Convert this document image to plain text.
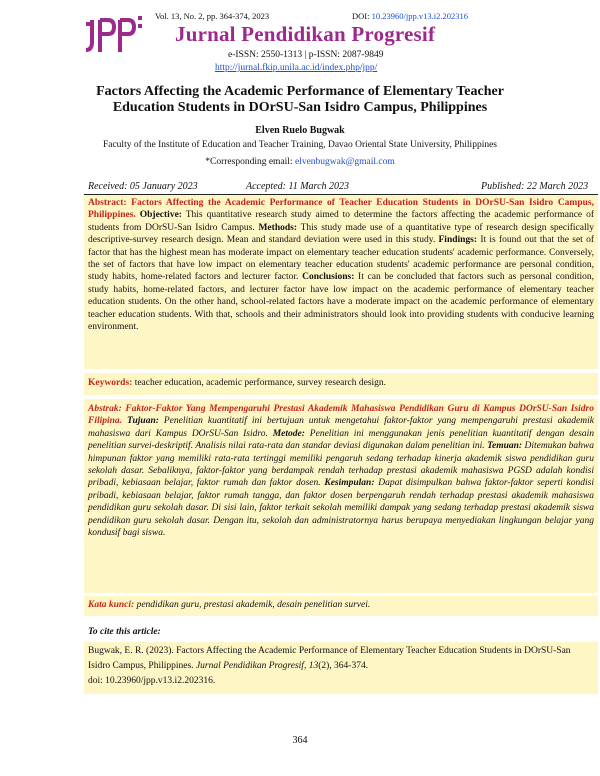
Vol. 13, No. 2, pp. 364-374, 2023	DOI: 10.23960/jpp.v13.i2.202316
Jurnal Pendidikan Progresif
e-ISSN: 2550-1313 | p-ISSN: 2087-9849
http://jurnal.fkip.unila.ac.id/index.php/jpp/
Factors Affecting the Academic Performance of Elementary Teacher
Education Students in DOrSU-San Isidro Campus, Philippines
Elven Ruelo Bugwak
Faculty of the Institute of Education and Teacher Training, Davao Oriental State University, Philippines
*Corresponding email: elvenbugwak@gmail.com
Received: 05 January 2023	Accepted: 11 March 2023	Published: 22 March 2023

Abstract: Factors Affecting the Academic Performance of Teacher Education Students in DOrSU-San Isidro Campus, Philippines. Objective: This quantitative research study aimed to determine the factors affecting the academic performance of students from DOrSU-San Isidro Campus. Methods: This study made use of a quantitative type of research design specifically descriptive-survey research design. Mean and standard deviation were used in this study. Findings: It is found out that the set of factor that has the highest mean has moderate impact on elementary teacher education students' academic performance. Conversely, the set of factors that have low impact on elementary teacher education students' academic performance are personal condition, study habits, home-related factors and lecturer factor. Conclusions: It can be concluded that factors such as personal condition, study habits, home-related factors, and lecturer factor have low impact on the academic performance of elementary teacher education students. On the other hand, school-related factors have a moderate impact on the academic performance of elementary teacher education students. With that, schools and their administrators should look into providing students with conducive learning environment.

Keywords: teacher education, academic performance, survey research design.

Abstrak: Faktor-Faktor Yang Mempengaruhi Prestasi Akademik Mahasiswa Pendidikan Guru di Kampus DOrSU-San Isidro Filipina. Tujuan: Penelitian kuantitatif ini bertujuan untuk mengetahui faktor-faktor yang mempengaruhi prestasi akademik mahasiswa dari Kampus DOrSU-San Isidro. Metode: Penelitian ini menggunakan jenis penelitian kuantitatif dengan desain penelitian survei-deskriptif. Analisis nilai rata-rata dan standar deviasi digunakan dalam penelitian ini. Temuan: Ditemukan bahwa himpunan faktor yang memiliki rata-rata tertinggi memiliki pengaruh sedang terhadap kinerja akademik siswa pendidikan guru sekolah dasar. Sebaliknya, faktor-faktor yang berdampak rendah terhadap prestasi akademik mahasiswa PGSD adalah kondisi pribadi, kebiasaan belajar, faktor rumah dan faktor dosen. Kesimpulan: Dapat disimpulkan bahwa faktor-faktor seperti kondisi pribadi, kebiasaan belajar, faktor rumah tangga, dan faktor dosen berpengaruh rendah terhadap prestasi akademik mahasiswa pendidikan guru sekolah dasar. Di sisi lain, faktor terkait sekolah memiliki dampak yang sedang terhadap prestasi akademik siswa pendidikan guru sekolah dasar. Dengan itu, sekolah dan administratornya harus berupaya menyediakan lingkungan belajar yang kondusif bagi siswa.

Kata kunci: pendidikan guru, prestasi akademik, desain penelitian survei.

To cite this article:

Bugwak, E. R. (2023). Factors Affecting the Academic Performance of Elementary Teacher Education Students in DOrSU-San Isidro Campus, Philippines. Jurnal Pendidikan Progresif, 13(2), 364-374.
doi: 10.23960/jpp.v13.i2.202316.

364
